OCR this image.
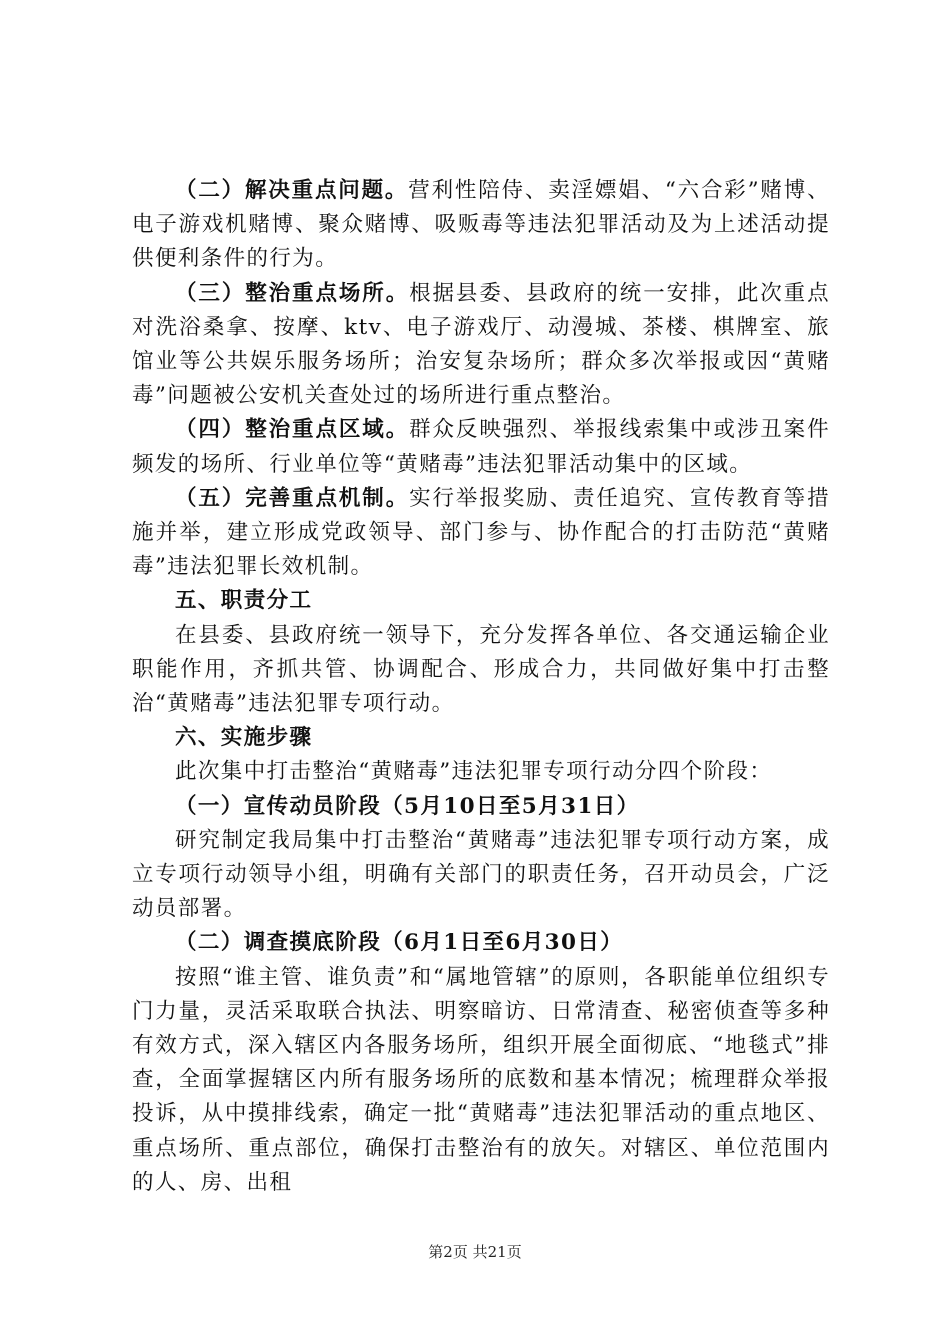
（二）解决重点问题。营利性陪侍、卖淫嫖娼、“六合彩”赌博、电子游戏机赌博、聚众赌博、吸贩毒等违法犯罪活动及为上述活动提供便利条件的行为。

（三）整治重点场所。根据县委、县政府的统一安排，此次重点对洗浴桑拿、按摩、ktv、电子游戏厅、动漫城、茶楼、棋牌室、旅馆业等公共娱乐服务场所；治安复杂场所；群众多次举报或因“黄赌毒”问题被公安机关查处过的场所进行重点整治。

（四）整治重点区域。群众反映强烈、举报线索集中或涉丑案件频发的场所、行业单位等“黄赌毒”违法犯罪活动集中的区域。

（五）完善重点机制。实行举报奖励、责任追究、宣传教育等措施并举，建立形成党政领导、部门参与、协作配合的打击防范“黄赌毒”违法犯罪长效机制。

五、职责分工

在县委、县政府统一领导下，充分发挥各单位、各交通运输企业职能作用，齐抓共管、协调配合、形成合力，共同做好集中打击整治“黄赌毒”违法犯罪专项行动。

六、实施步骤

此次集中打击整治“黄赌毒”违法犯罪专项行动分四个阶段：

（一）宣传动员阶段（5月10日至5月31日）

研究制定我局集中打击整治“黄赌毒”违法犯罪专项行动方案，成立专项行动领导小组，明确有关部门的职责任务，召开动员会，广泛动员部署。

（二）调查摸底阶段（6月1日至6月30日）

按照“谁主管、谁负责”和“属地管辖”的原则，各职能单位组织专门力量，灵活采取联合执法、明察暗访、日常清查、秘密侦查等多种有效方式，深入辖区内各服务场所，组织开展全面彻底、“地毯式”排查，全面掌握辖区内所有服务场所的底数和基本情况；梳理群众举报投诉，从中摸排线索，确定一批“黄赌毒”违法犯罪活动的重点地区、重点场所、重点部位，确保打击整治有的放矢。对辖区、单位范围内的人、房、出租

第2页 共21页
